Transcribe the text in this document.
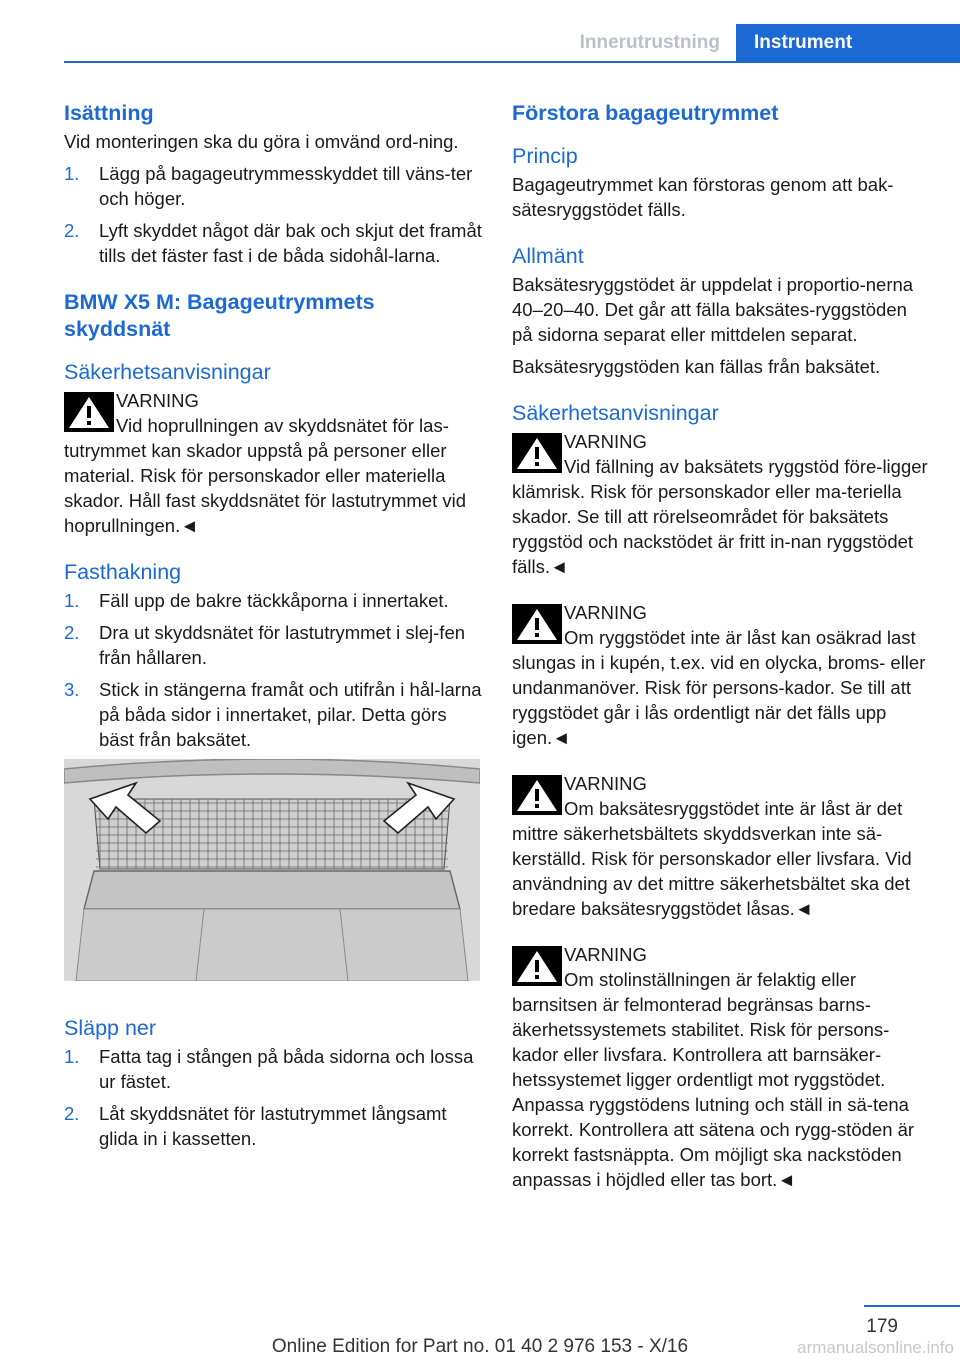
Innerutrustning	Instrument
Isättning

Vid monteringen ska du göra i omvänd ord-ning.

1. Lägg på bagageutrymmesskyddet till väns-ter och höger.
2. Lyft skyddet något där bak och skjut det framåt tills det fäster fast i de båda sidohål-larna.
BMW X5 M: Bagageutrymmets skyddsnät
Säkerhetsanvisningar
VARNING

Vid hoprullningen av skyddsnätet för las-tutrymmet kan skador uppstå på personer eller material. Risk för personskador eller materiella skador. Håll fast skyddsnätet för lastutrymmet vid hoprullningen.◄

Fasthakning
1. Fäll upp de bakre täckkåporna i innertaket.
2. Dra ut skyddsnätet för lastutrymmet i slej-fen från hållaren.
3. Stick in stängerna framåt och utifrån i hål-larna på båda sidor i innertaket, pilar. Detta görs bäst från baksätet.
Släpp ner
1. Fatta tag i stången på båda sidorna och lossa ur fästet.
2. Låt skyddsnätet för lastutrymmet långsamt glida in i kassetten.
Förstora bagageutrymmet
Princip

Bagageutrymmet kan förstoras genom att bak-sätesryggstödet fälls.

Allmänt

Baksätesryggstödet är uppdelat i proportio-nerna 40–20–40. Det går att fälla baksätes-ryggstöden på sidorna separat eller mittdelen separat.

Baksätesryggstöden kan fällas från baksätet.

Säkerhetsanvisningar
VARNING

Vid fällning av baksätets ryggstöd före-ligger klämrisk. Risk för personskador eller ma-teriella skador. Se till att rörelseområdet för baksätets ryggstöd och nackstödet är fritt in-nan ryggstödet fälls.◄

VARNING

Om ryggstödet inte är låst kan osäkrad last slungas in i kupén, t.ex. vid en olycka, broms- eller undanmanöver. Risk för persons-kador. Se till att ryggstödet går i lås ordentligt när det fälls upp igen.◄

VARNING

Om baksätesryggstödet inte är låst är det mittre säkerhetsbältets skyddsverkan inte sä-kerställd. Risk för personskador eller livsfara. Vid användning av det mittre säkerhetsbältet ska det bredare baksätesryggstödet låsas.◄

VARNING

Om stolinställningen är felaktig eller barnsitsen är felmonterad begränsas barns-äkerhetssystemets stabilitet. Risk för persons-kador eller livsfara. Kontrollera att barnsäker-hetssystemet ligger ordentligt mot ryggstödet. Anpassa ryggstödens lutning och ställ in sä-tena korrekt. Kontrollera att sätena och rygg-stöden är korrekt fastsnäppta. Om möjligt ska nackstöden anpassas i höjdled eller tas bort.◄

179
Online Edition for Part no. 01 40 2 976 153 - X/16	armanualsonline.info
